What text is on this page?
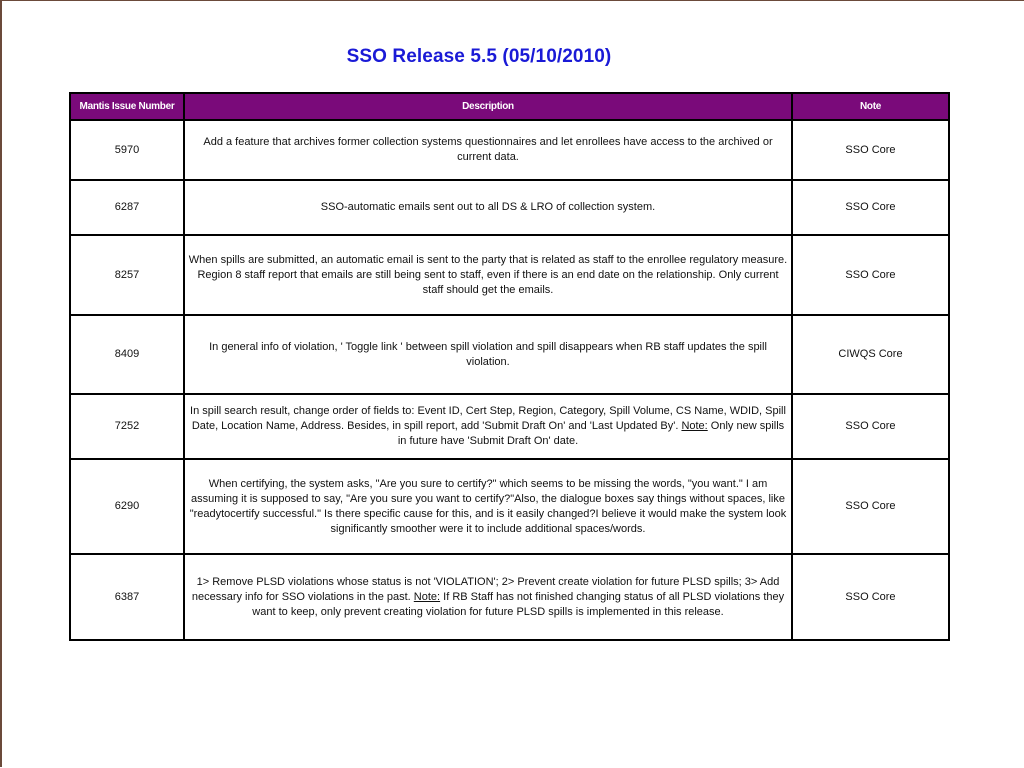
SSO Release 5.5 (05/10/2010)
Mantis Issue Number	Description	Note
5970	Add a feature that archives former collection systems questionnaires and let enrollees have access to the archived or current data.	SSO Core
6287	SSO-automatic emails sent out to all DS & LRO of collection system.	SSO Core
8257	When spills are submitted, an automatic email is sent to the party that is related as staff to the enrollee regulatory measure. Region 8 staff report that emails are still being sent to staff, even if there is an end date on the relationship. Only current staff should get the emails.	SSO Core
8409	In general info of violation, ' Toggle link ' between spill violation and spill disappears when RB staff updates the spill violation.	CIWQS Core
7252	In spill search result, change order of fields to: Event ID, Cert Step, Region, Category, Spill Volume, CS Name, WDID, Spill Date, Location Name, Address. Besides, in spill report, add 'Submit Draft On' and 'Last Updated By'. Note: Only new spills in future have 'Submit Draft On' date.	SSO Core
6290	When certifying, the system asks, "Are you sure to certify?" which seems to be missing the words, "you want." I am assuming it is supposed to say, "Are you sure you want to certify?"Also, the dialogue boxes say things without spaces, like "readytocertify successful." Is there specific cause for this, and is it easily changed?I believe it would make the system look significantly smoother were it to include additional spaces/words.	SSO Core
6387	1> Remove PLSD violations whose status is not 'VIOLATION'; 2> Prevent create violation for future PLSD spills; 3> Add necessary info for SSO violations in the past. Note: If RB Staff has not finished changing status of all PLSD violations they want to keep, only prevent creating violation for future PLSD spills is implemented in this release.	SSO Core
